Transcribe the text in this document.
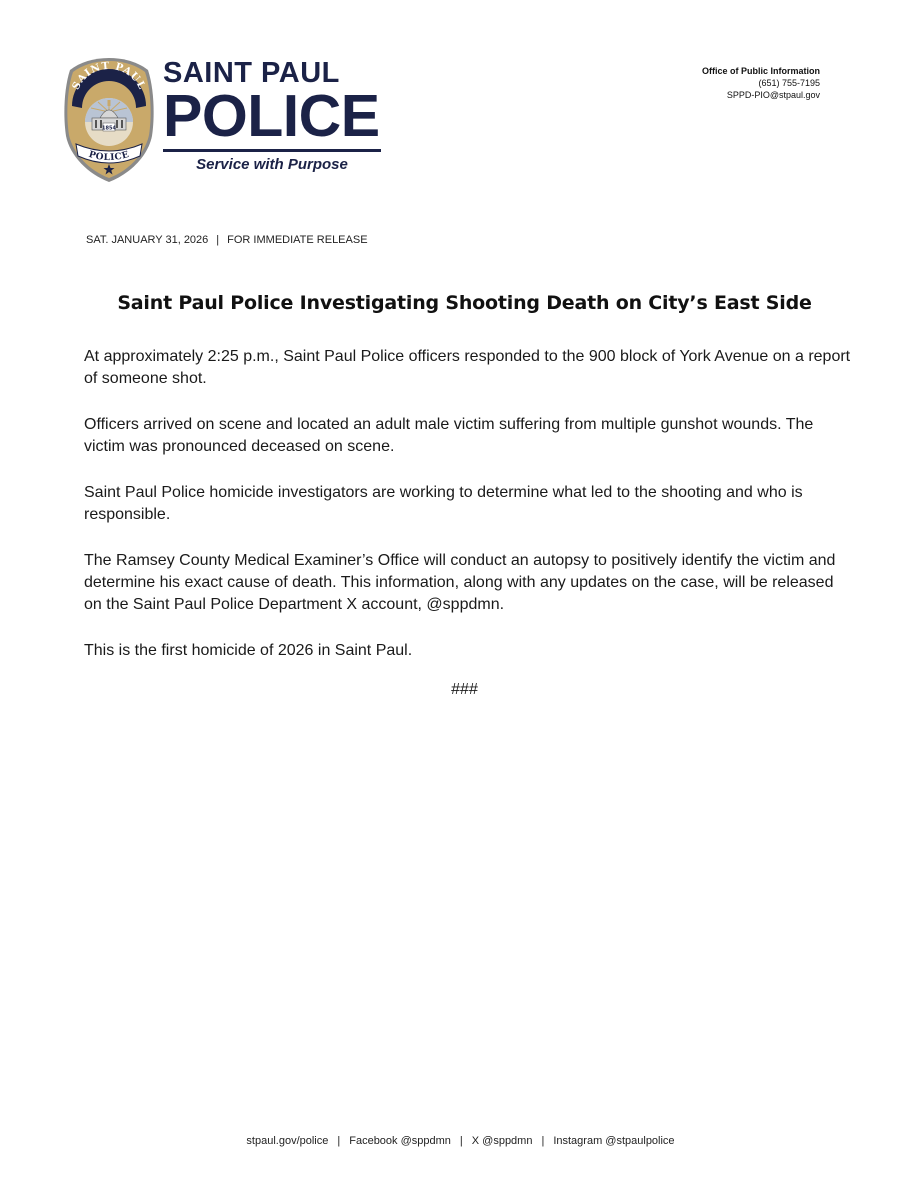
SAINT PAUL
1854
POLICE
SAINT PAUL
POLICE
Service with Purpose
Office of Public Information
(651) 755-7195
SPPD-PIO@stpaul.gov
SAT. JANUARY 31, 2026 | FOR IMMEDIATE RELEASE
Saint Paul Police Investigating Shooting Death on City’s East Side

At approximately 2:25 p.m., Saint Paul Police officers responded to the 900 block of York Avenue on a report of someone shot.

Officers arrived on scene and located an adult male victim suffering from multiple gunshot wounds. The victim was pronounced deceased on scene.

Saint Paul Police homicide investigators are working to determine what led to the shooting and who is responsible.

The Ramsey County Medical Examiner’s Office will conduct an autopsy to positively identify the victim and determine his exact cause of death. This information, along with any updates on the case, will be released on the Saint Paul Police Department X account, @sppdmn.

This is the first homicide of 2026 in Saint Paul.

###
stpaul.gov/police | Facebook @sppdmn | X @sppdmn | Instagram @stpaulpolice
